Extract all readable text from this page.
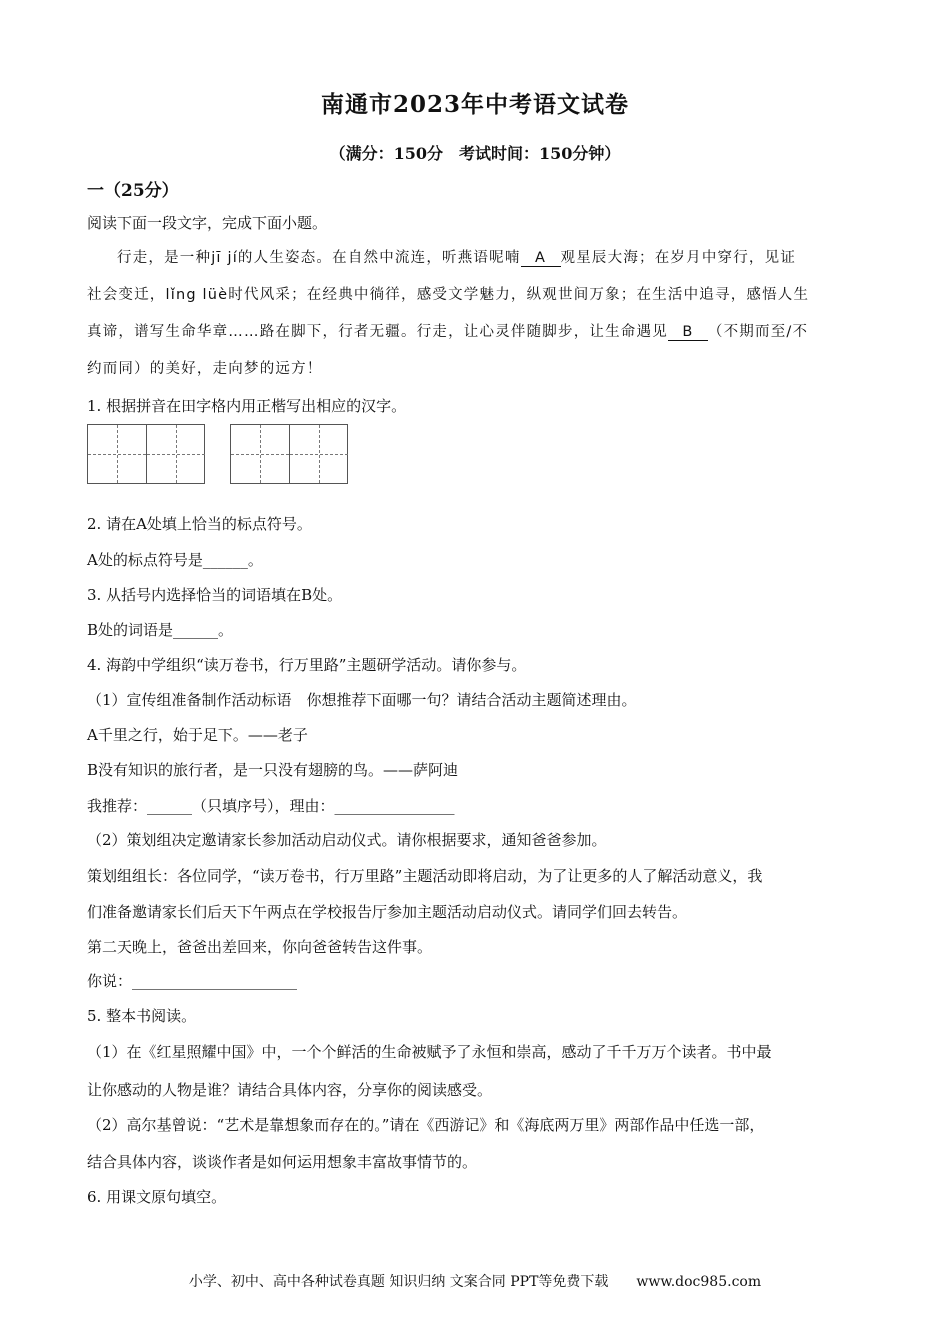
南通市2023年中考语文试卷
（满分：150分　考试时间：150分钟）
一（25分）
阅读下面一段文字，完成下面小题。
行走，是一种jī jí的人生姿态。在自然中流连，听燕语呢喃 A 观星辰大海；在岁月中穿行，见证
社会变迁，lǐng lüè时代风采；在经典中徜徉，感受文学魅力，纵观世间万象；在生活中追寻，感悟人生
真谛，谱写生命华章……路在脚下，行者无疆。行走，让心灵伴随脚步，让生命遇见 B （不期而至/不
约而同）的美好，走向梦的远方！
1. 根据拼音在田字格内用正楷写出相应的汉字。
2. 请在A处填上恰当的标点符号。
A处的标点符号是______。
3. 从括号内选择恰当的词语填在B处。
B处的词语是______。
4. 海韵中学组织“读万卷书，行万里路”主题研学活动。请你参与。
（1）宣传组准备制作活动标语　你想推荐下面哪一句？请结合活动主题简述理由。
A千里之行，始于足下。——老子
B没有知识的旅行者，是一只没有翅膀的鸟。——萨阿迪
我推荐：______（只填序号），理由：________________
（2）策划组决定邀请家长参加活动启动仪式。请你根据要求，通知爸爸参加。
策划组组长：各位同学，“读万卷书，行万里路”主题活动即将启动，为了让更多的人了解活动意义，我
们准备邀请家长们后天下午两点在学校报告厅参加主题活动启动仪式。请同学们回去转告。
第二天晚上，爸爸出差回来，你向爸爸转告这件事。
你说：______________________
5. 整本书阅读。
（1）在《红星照耀中国》中，一个个鲜活的生命被赋予了永恒和崇高，感动了千千万万个读者。书中最
让你感动的人物是谁？请结合具体内容，分享你的阅读感受。
（2）高尔基曾说：“艺术是靠想象而存在的。”请在《西游记》和《海底两万里》两部作品中任选一部，
结合具体内容，谈谈作者是如何运用想象丰富故事情节的。
6. 用课文原句填空。
小学、初中、高中各种试卷真题 知识归纳 文案合同 PPT等免费下载 www.doc985.com
